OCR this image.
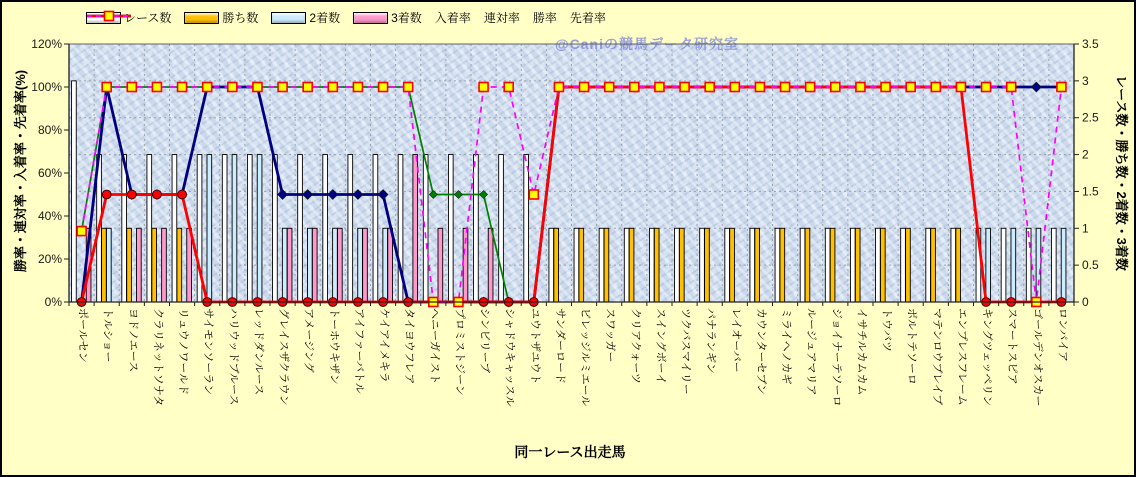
レース数	勝ち数	2着数	3着数 入着率 連対率 勝率 先着率
@Caniの競馬データ研究室
勝率・連対率・入着率・先着率(%)	レース数・勝ち数・2着数・3着数
同一レース出走馬
0%
20%
40%
60%
80%
100%
120%
0
0.5
1
1.5
2
2.5
3
3.5
ポールセン トルショー ヨドノエース クラリネットソナタ リュウノワールド サイモンソーラン ハリウッドブルース レッドダンルース グレイスザクラウン アメージング トーホウキザン アイファーバトル ケイアイメキラ タイヨウフレア ヘニーガイスト プロミストジーン シンビリーブ シャドウキャッスル ユウトザユウト サンダーロード ビレッジルミエール スワッガー クリアクォーツ スイングボーイ ツクバスマイリー パナランギン レイオーバー カウンターセブン ミライヘノカギ ルージュアマリア ジョイナーテソーロ イサチルカムカム トウバツ ボルトテソーロ マテンロウブレイブ エンプレスフレーム キングツェッペリン スマートスピア ゴールデンオスカー ロンパイア
